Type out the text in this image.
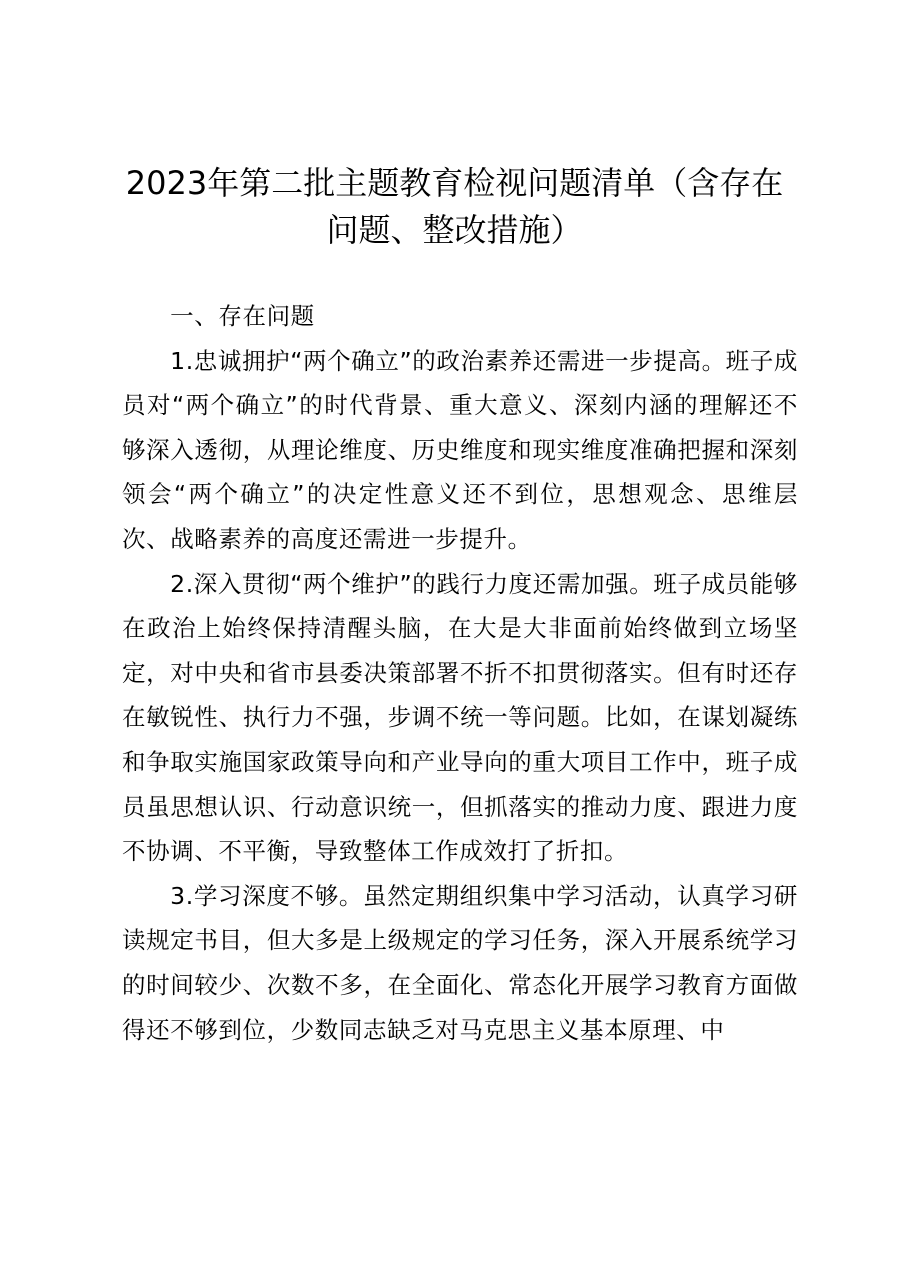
2023年第二批主题教育检视问题清单（含存在问题、整改措施）

一、存在问题

1.忠诚拥护“两个确立”的政治素养还需进一步提高。班子成员对“两个确立”的时代背景、重大意义、深刻内涵的理解还不够深入透彻，从理论维度、历史维度和现实维度准确把握和深刻领会“两个确立”的决定性意义还不到位，思想观念、思维层次、战略素养的高度还需进一步提升。

2.深入贯彻“两个维护”的践行力度还需加强。班子成员能够在政治上始终保持清醒头脑，在大是大非面前始终做到立场坚定，对中央和省市县委决策部署不折不扣贯彻落实。但有时还存在敏锐性、执行力不强，步调不统一等问题。比如，在谋划凝练和争取实施国家政策导向和产业导向的重大项目工作中，班子成员虽思想认识、行动意识统一，但抓落实的推动力度、跟进力度不协调、不平衡，导致整体工作成效打了折扣。

3.学习深度不够。虽然定期组织集中学习活动，认真学习研读规定书目，但大多是上级规定的学习任务，深入开展系统学习的时间较少、次数不多，在全面化、常态化开展学习教育方面做得还不够到位，少数同志缺乏对马克思主义基本原理、中
